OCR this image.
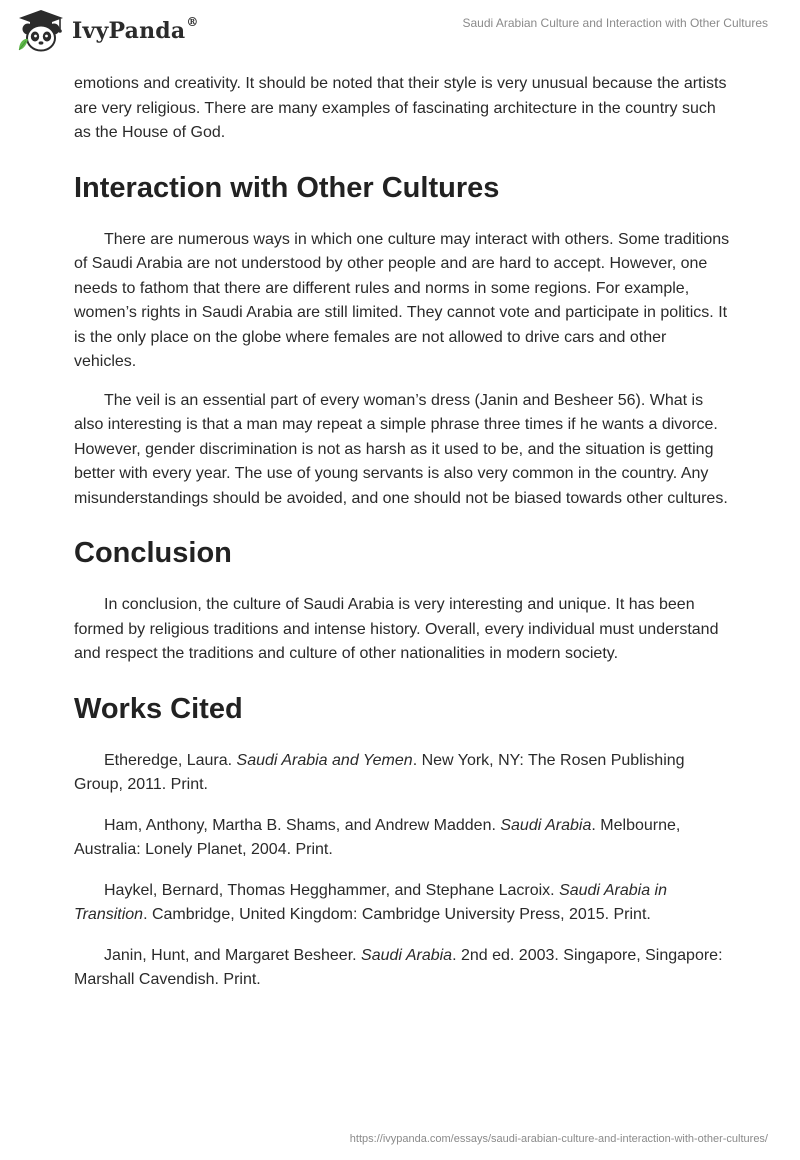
IvyPanda®	Saudi Arabian Culture and Interaction with Other Cultures

emotions and creativity. It should be noted that their style is very unusual because the artists are very religious. There are many examples of fascinating architecture in the country such as the House of God.

Interaction with Other Cultures

There are numerous ways in which one culture may interact with others. Some traditions of Saudi Arabia are not understood by other people and are hard to accept. However, one needs to fathom that there are different rules and norms in some regions. For example, women’s rights in Saudi Arabia are still limited. They cannot vote and participate in politics. It is the only place on the globe where females are not allowed to drive cars and other vehicles.

The veil is an essential part of every woman’s dress (Janin and Besheer 56). What is also interesting is that a man may repeat a simple phrase three times if he wants a divorce. However, gender discrimination is not as harsh as it used to be, and the situation is getting better with every year. The use of young servants is also very common in the country. Any misunderstandings should be avoided, and one should not be biased towards other cultures.

Conclusion

In conclusion, the culture of Saudi Arabia is very interesting and unique. It has been formed by religious traditions and intense history. Overall, every individual must understand and respect the traditions and culture of other nationalities in modern society.

Works Cited

Etheredge, Laura. Saudi Arabia and Yemen. New York, NY: The Rosen Publishing Group, 2011. Print.

Ham, Anthony, Martha B. Shams, and Andrew Madden. Saudi Arabia. Melbourne, Australia: Lonely Planet, 2004. Print.

Haykel, Bernard, Thomas Hegghammer, and Stephane Lacroix. Saudi Arabia in Transition. Cambridge, United Kingdom: Cambridge University Press, 2015. Print.

Janin, Hunt, and Margaret Besheer. Saudi Arabia. 2nd ed. 2003. Singapore, Singapore: Marshall Cavendish. Print.

https://ivypanda.com/essays/saudi-arabian-culture-and-interaction-with-other-cultures/
